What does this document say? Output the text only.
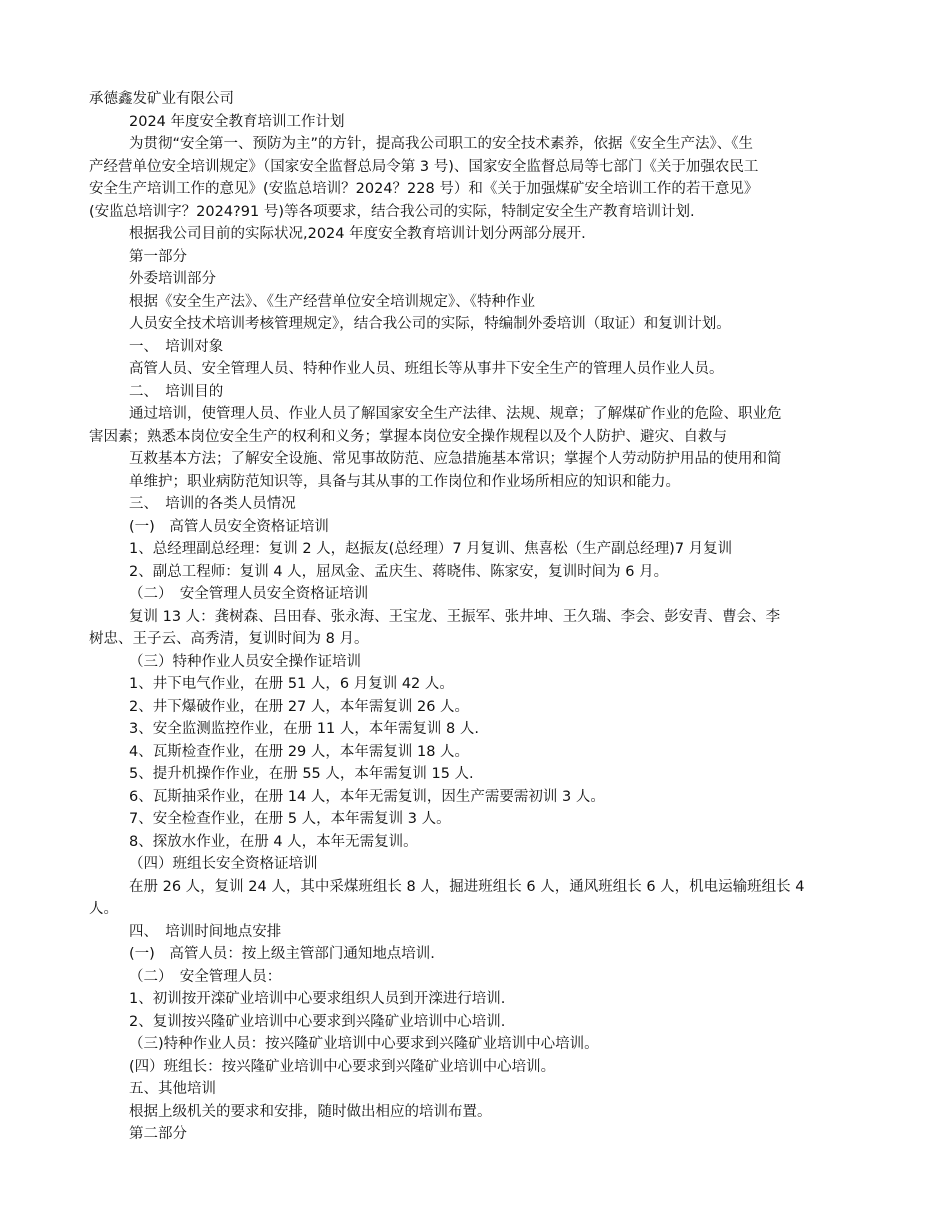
承德鑫发矿业有限公司

2024 年度安全教育培训工作计划

为贯彻“安全第一、预防为主”的方针，提高我公司职工的安全技术素养，依据《安全生产法》、《生

产经营单位安全培训规定》（国家安全监督总局令第 3 号)、国家安全监督总局等七部门《关于加强农民工

安全生产培训工作的意见》(安监总培训？2024？228 号）和《关于加强煤矿安全培训工作的若干意见》

(安监总培训字？2024?91 号)等各项要求，结合我公司的实际，特制定安全生产教育培训计划.

根据我公司目前的实际状况,2024 年度安全教育培训计划分两部分展开.

第一部分

外委培训部分

根据《安全生产法》、《生产经营单位安全培训规定》、《特种作业

人员安全技术培训考核管理规定》，结合我公司的实际，特编制外委培训（取证）和复训计划。

一、　培训对象

高管人员、安全管理人员、特种作业人员、班组长等从事井下安全生产的管理人员作业人员。

二、　培训目的

通过培训，使管理人员、作业人员了解国家安全生产法律、法规、规章；了解煤矿作业的危险、职业危

害因素；熟悉本岗位安全生产的权利和义务；掌握本岗位安全操作规程以及个人防护、避灾、自救与

互救基本方法；了解安全设施、常见事故防范、应急措施基本常识；掌握个人劳动防护用品的使用和简

单维护；职业病防范知识等，具备与其从事的工作岗位和作业场所相应的知识和能力。

三、　培训的各类人员情况

(一)　高管人员安全资格证培训

1、总经理副总经理：复训 2 人，赵振友(总经理）7 月复训、焦喜松（生产副总经理)7 月复训

2、副总工程师：复训 4 人，屈凤金、孟庆生、蒋晓伟、陈家安，复训时间为 6 月。

（二）　安全管理人员安全资格证培训

复训 13 人：龚树森、吕田春、张永海、王宝龙、王振军、张井坤、王久瑞、李会、彭安青、曹会、李

树忠、王子云、高秀清，复训时间为 8 月。

（三）特种作业人员安全操作证培训

1、井下电气作业，在册 51 人，6 月复训 42 人。

2、井下爆破作业，在册 27 人，本年需复训 26 人。

3、安全监测监控作业，在册 11 人，本年需复训 8 人.

4、瓦斯检查作业，在册 29 人，本年需复训 18 人。

5、提升机操作作业，在册 55 人，本年需复训 15 人.

6、瓦斯抽采作业，在册 14 人，本年无需复训，因生产需要需初训 3 人。

7、安全检查作业，在册 5 人，本年需复训 3 人。

8、探放水作业，在册 4 人，本年无需复训。

（四）班组长安全资格证培训

在册 26 人，复训 24 人，其中采煤班组长 8 人，掘进班组长 6 人，通风班组长 6 人，机电运输班组长 4

人。

四、　培训时间地点安排

(一)　高管人员：按上级主管部门通知地点培训.

（二）　安全管理人员：

1、初训按开滦矿业培训中心要求组织人员到开滦进行培训.

2、复训按兴隆矿业培训中心要求到兴隆矿业培训中心培训.

（三)特种作业人员：按兴隆矿业培训中心要求到兴隆矿业培训中心培训。

(四）班组长：按兴隆矿业培训中心要求到兴隆矿业培训中心培训。

五、其他培训

根据上级机关的要求和安排，随时做出相应的培训布置。

第二部分
